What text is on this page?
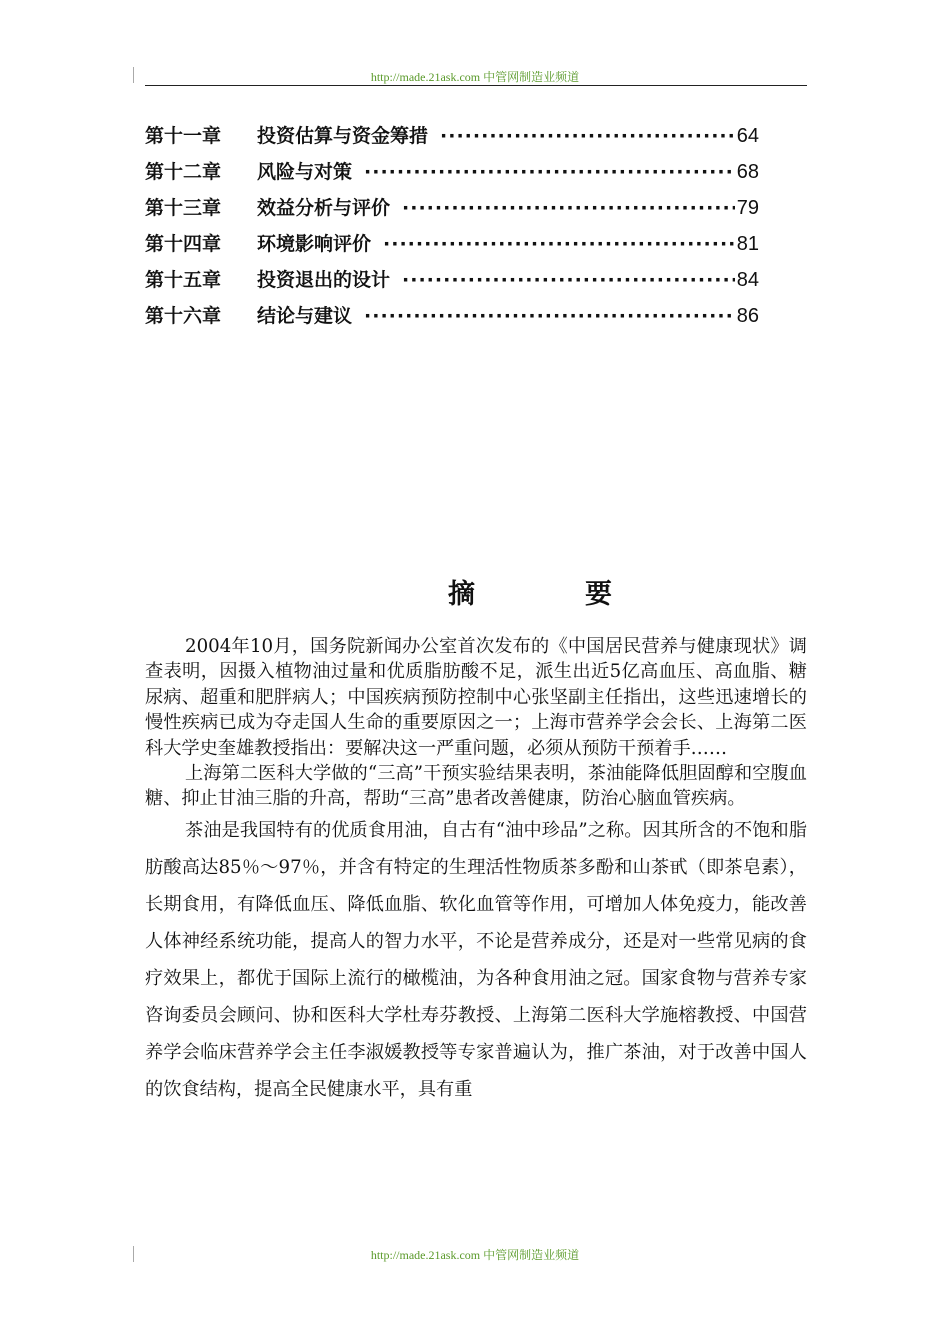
http://made.21ask.com 中管网制造业频道
第十一章	投资估算与资金筹措 ·····	64
第十二章	风险与对策 ·····	68
第十三章	效益分析与评价 ·····	79
第十四章	环境影响评价 ·····	81
第十五章	投资退出的设计 ·····	84
第十六章	结论与建议 ·····	86
摘要

2004年10月，国务院新闻办公室首次发布的《中国居民营养与健康现状》调查表明，因摄入植物油过量和优质脂肪酸不足，派生出近5亿高血压、高血脂、糖尿病、超重和肥胖病人；中国疾病预防控制中心张坚副主任指出，这些迅速增长的慢性疾病已成为夺走国人生命的重要原因之一；上海市营养学会会长、上海第二医科大学史奎雄教授指出：要解决这一严重问题，必须从预防干预着手……

上海第二医科大学做的“三高”干预实验结果表明，茶油能降低胆固醇和空腹血糖、抑止甘油三脂的升高，帮助“三高”患者改善健康，防治心脑血管疾病。

茶油是我国特有的优质食用油，自古有“油中珍品”之称。因其所含的不饱和脂肪酸高达85％～97％，并含有特定的生理活性物质茶多酚和山茶甙（即茶皂素），长期食用，有降低血压、降低血脂、软化血管等作用，可增加人体免疫力，能改善人体神经系统功能，提高人的智力水平，不论是营养成分，还是对一些常见病的食疗效果上，都优于国际上流行的橄榄油，为各种食用油之冠。国家食物与营养专家咨询委员会顾问、协和医科大学杜寿芬教授、上海第二医科大学施榕教授、中国营养学会临床营养学会主任李淑媛教授等专家普遍认为，推广茶油，对于改善中国人的饮食结构，提高全民健康水平，具有重

http://made.21ask.com 中管网制造业频道
